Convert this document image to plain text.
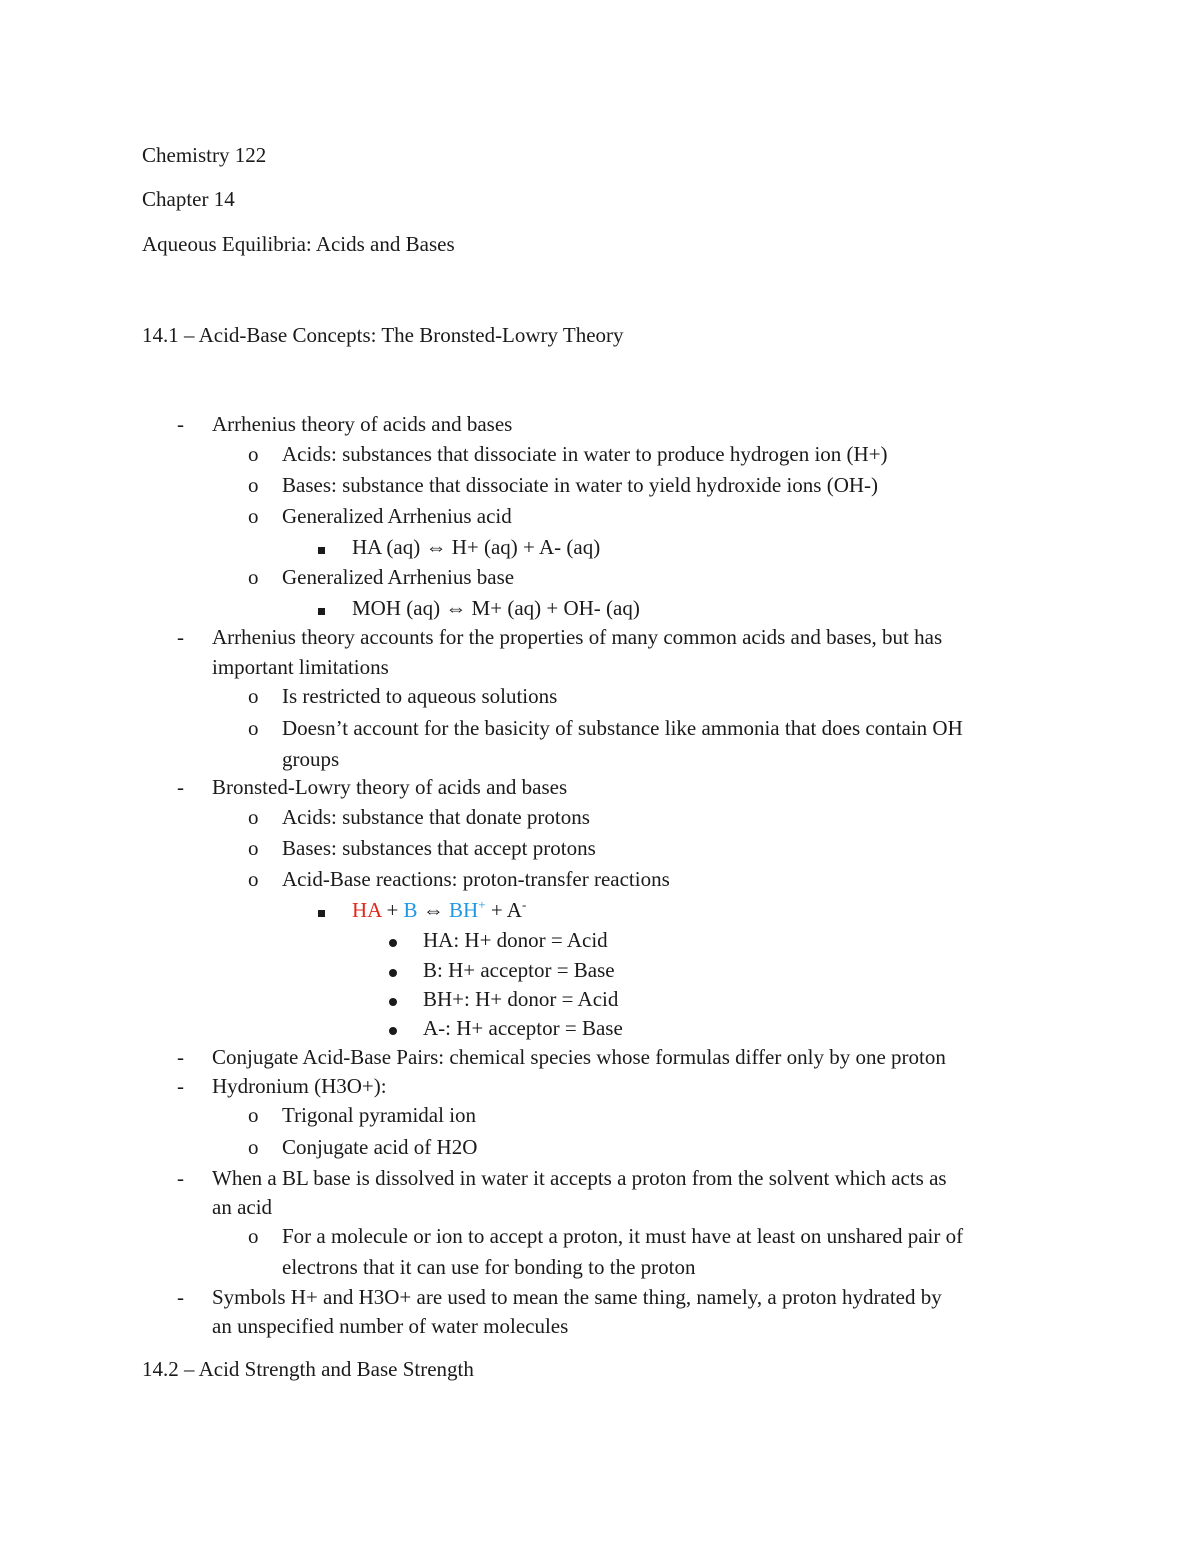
Chemistry 122
Chapter 14
Aqueous Equilibria: Acids and Bases
14.1 – Acid-Base Concepts: The Bronsted-Lowry Theory
- Arrhenius theory of acids and bases
o Acids: substances that dissociate in water to produce hydrogen ion (H+)
o Bases: substance that dissociate in water to yield hydroxide ions (OH-)
o Generalized Arrhenius acid
HA (aq) ⇔ H+ (aq) + A- (aq)
o Generalized Arrhenius base
MOH (aq) ⇔ M+ (aq) + OH- (aq)
- Arrhenius theory accounts for the properties of many common acids and bases, but has
important limitations
o Is restricted to aqueous solutions
o Doesn’t account for the basicity of substance like ammonia that does contain OH
groups
- Bronsted-Lowry theory of acids and bases
o Acids: substance that donate protons
o Bases: substances that accept protons
o Acid-Base reactions: proton-transfer reactions
HA + B ⇔ BH+ + A-
HA: H+ donor = Acid
B: H+ acceptor = Base
BH+: H+ donor = Acid
A-: H+ acceptor = Base
- Conjugate Acid-Base Pairs: chemical species whose formulas differ only by one proton
- Hydronium (H3O+):
o Trigonal pyramidal ion
o Conjugate acid of H2O
- When a BL base is dissolved in water it accepts a proton from the solvent which acts as
an acid
o For a molecule or ion to accept a proton, it must have at least on unshared pair of
electrons that it can use for bonding to the proton
- Symbols H+ and H3O+ are used to mean the same thing, namely, a proton hydrated by
an unspecified number of water molecules
14.2 – Acid Strength and Base Strength
